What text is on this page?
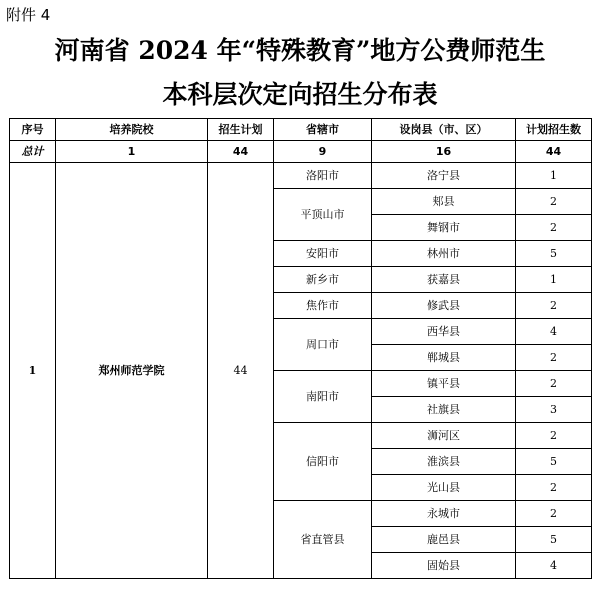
附件 4
河南省 2024 年“特殊教育”地方公费师范生
本科层次定向招生分布表
序号	培养院校	招生计划	省辖市	设岗县（市、区）	计划招生数
总计	1	44	9	16	44
1	郑州师范学院	44	洛阳市	洛宁县	1
			平顶山市	郏县	2
				舞钢市	2
			安阳市	林州市	5
			新乡市	获嘉县	1
			焦作市	修武县	2
			周口市	西华县	4
				郸城县	2
			南阳市	镇平县	2
				社旗县	3
			信阳市	浉河区	2
				淮滨县	5
				光山县	2
			省直管县	永城市	2
				鹿邑县	5
				固始县	4
